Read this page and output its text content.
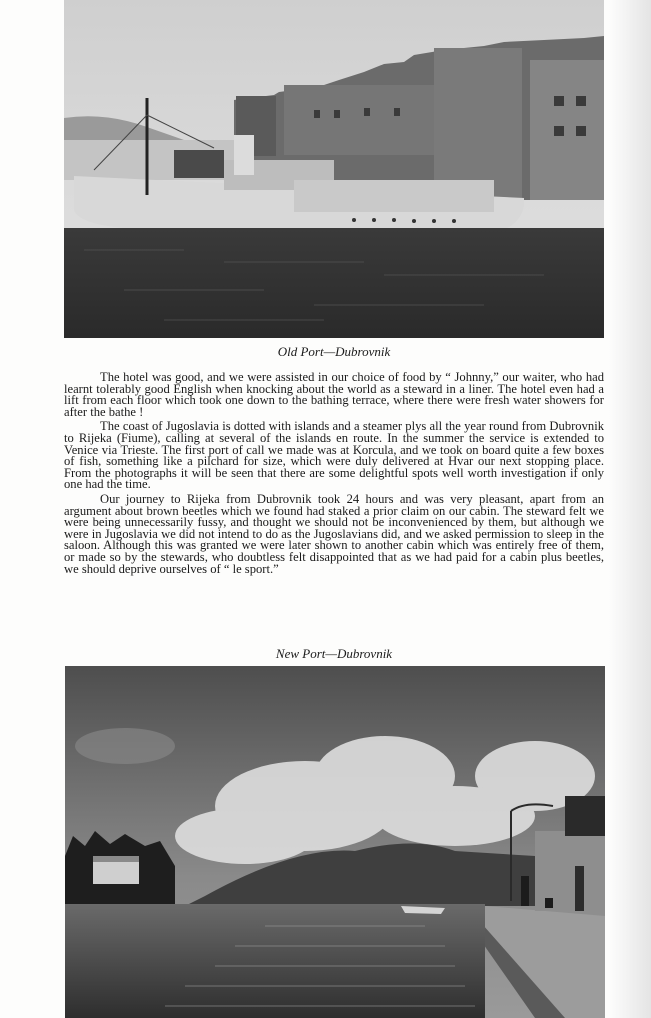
Old Port—Dubrovnik

The hotel was good, and we were assisted in our choice of food by “ Johnny,” our waiter, who had learnt tolerably good English when knocking about the world as a steward in a liner. The hotel even had a lift from each floor which took one down to the bathing terrace, where there were fresh water showers for after the bathe !

The coast of Jugoslavia is dotted with islands and a steamer plys all the year round from Dubrovnik to Rijeka (Fiume), calling at several of the islands en route. In the summer the service is extended to Venice via Trieste. The first port of call we made was at Korcula, and we took on board quite a few boxes of fish, something like a pilchard for size, which were duly delivered at Hvar our next stopping place. From the photographs it will be seen that there are some delightful spots well worth investigation if only one had the time.

Our journey to Rijeka from Dubrovnik took 24 hours and was very pleasant, apart from an argument about brown beetles which we found had staked a prior claim on our cabin. The steward felt we were being unnecessarily fussy, and thought we should not be inconvenienced by them, but although we were in Jugoslavia we did not intend to do as the Jugoslavians did, and we asked permission to sleep in the saloon. Although this was granted we were later shown to another cabin which was entirely free of them, or made so by the stewards, who doubtless felt disappointed that as we had paid for a cabin plus beetles, we should deprive ourselves of “ le sport.”

New Port—Dubrovnik
